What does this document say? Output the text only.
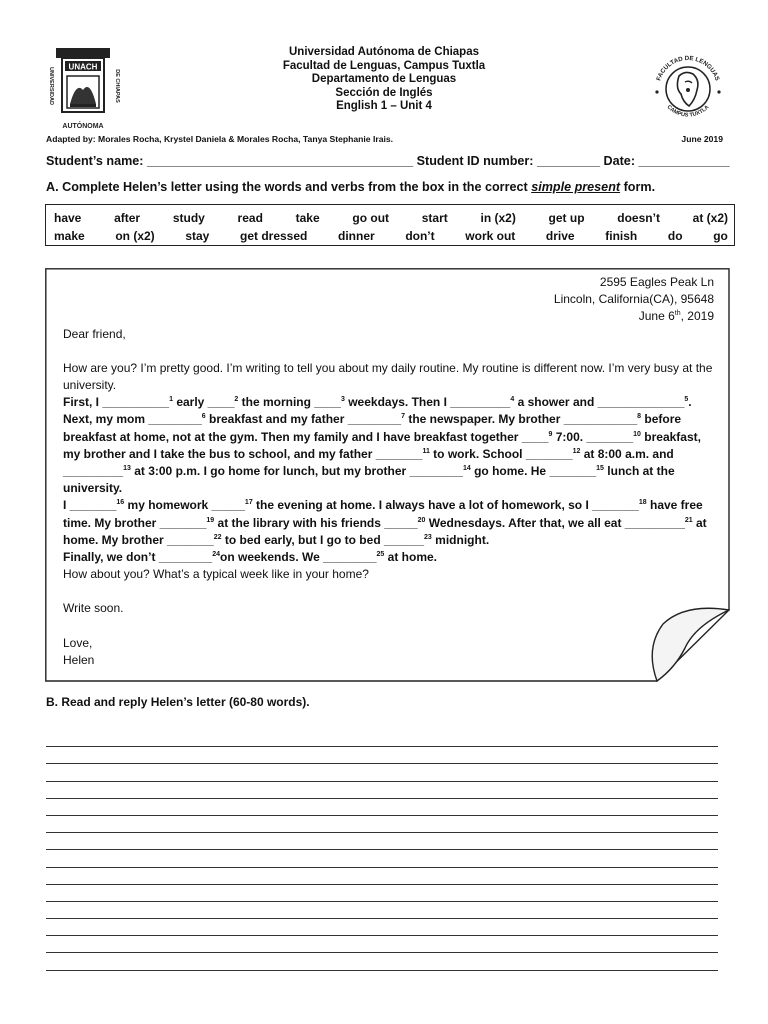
UNACH
UNIVERSIDAD	DE CHIAPAS
AUTÓNOMA
Universidad Autónoma de Chiapas
Facultad de Lenguas, Campus Tuxtla
Departamento de Lenguas
Sección de Inglés
English 1 – Unit 4
FACULTAD DE LENGUAS
CAMPUS TUXTLA
Adapted by: Morales Rocha, Krystel Daniela & Morales Rocha, Tanya Stephanie Irais.	June 2019
Student’s name: ______________________________________ Student ID number: _________ Date: _____________
A. Complete Helen’s letter using the words and verbs from the box in the correct simple present form.
have	after	study	read	take	go out	start	in (x2)	get up	doesn’t	at (x2)
make	on (x2)	stay	get dressed	dinner	don’t	work out	drive	finish	do	go
2595 Eagles Peak Ln
Lincoln, California(CA), 95648
June 6th, 2019

Dear friend,

How are you? I’m pretty good. I’m writing to tell you about my daily routine. My routine is different now. I’m very busy at the university.

First, I __________$^1$ early ____$^2$ the morning ____$^3$ weekdays. Then I _________$^4$ a shower and _____________$^5$. Next, my mom ________$^6$ breakfast and my father ________$^7$ the newspaper. My brother ___________$^8$ before breakfast at home, not at the gym. Then my family and I have breakfast together ____$^9$ 7:00. _______$^{10}$ breakfast, my brother and I take the bus to school, and my father _______$^{11}$ to work. School _______$^{12}$ at 8:00 a.m. and _________$^{13}$ at 3:00 p.m. I go home for lunch, but my brother ________$^{14}$ go home. He _______$^{15}$ lunch at the university.

I _______$^{16}$ my homework _____$^{17}$ the evening at home. I always have a lot of homework, so I _______$^{18}$ have free time. My brother _______$^{19}$ at the library with his friends _____$^{20}$ Wednesdays. After that, we all eat _________$^{21}$ at home. My brother _______$^{22}$ to bed early, but I go to bed ______$^{23}$ midnight.

Finally, we don’t ________$^{24}$on weekends. We ________$^{25}$ at home.

How about you? What’s a typical week like in your home?

Write soon.

Love,

Helen

B. Read and reply Helen’s letter (60-80 words).
